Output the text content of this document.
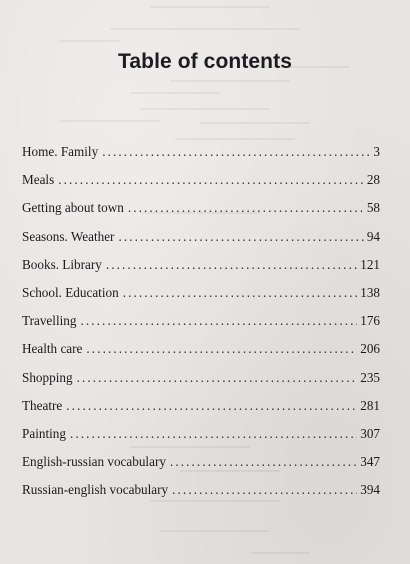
Table of contents
Home. Family . . .	3
Meals . . .	28
Getting about town . . .	58
Seasons. Weather . . .	94
Books. Library . . .	121
School. Education . . .	138
Travelling . . .	176
Health care . . .	206
Shopping . . .	235
Theatre . . .	281
Painting . . .	307
English-russian vocabulary . . .	347
Russian-english vocabulary . . .	394
